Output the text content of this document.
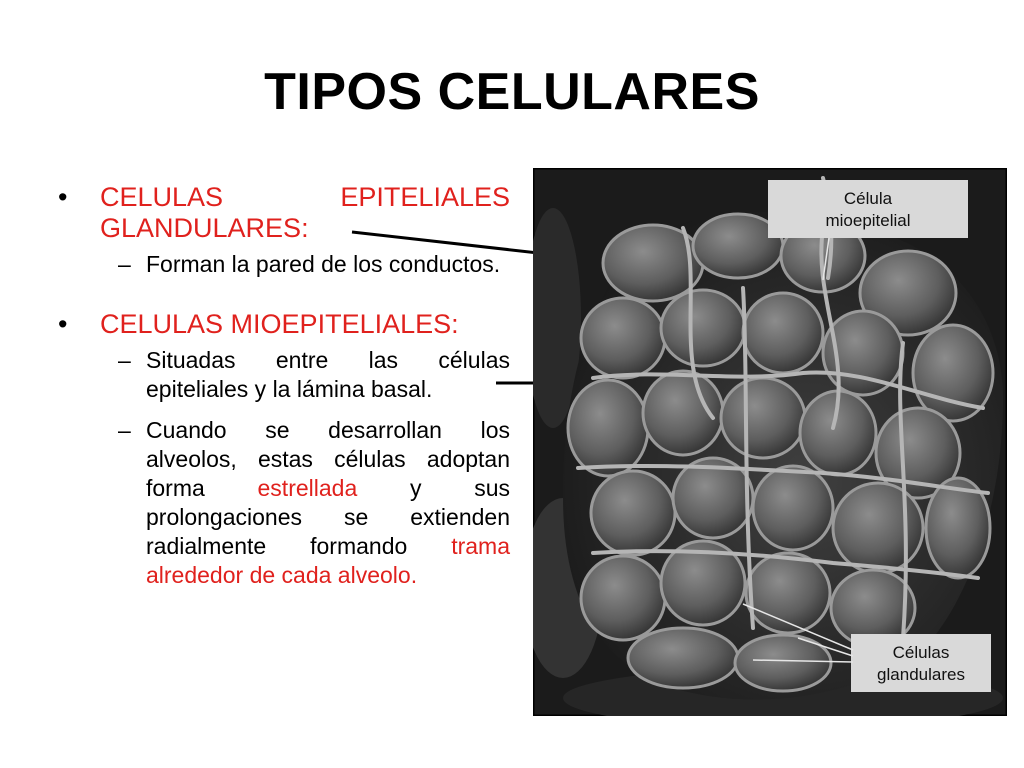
TIPOS CELULARES
• CELULAS	EPITELIALES
GLANDULARES:
– Forman la pared de los conductos.
• CELULAS MIOEPITELIALES:
– Situadas entre las células epiteliales y la lámina basal.
– Cuando se desarrollan los alveolos, estas células adoptan forma estrellada y sus prolongaciones se extienden radialmente formando trama alrededor de cada alveolo.
Célula
mioepitelial
Células
glandulares
